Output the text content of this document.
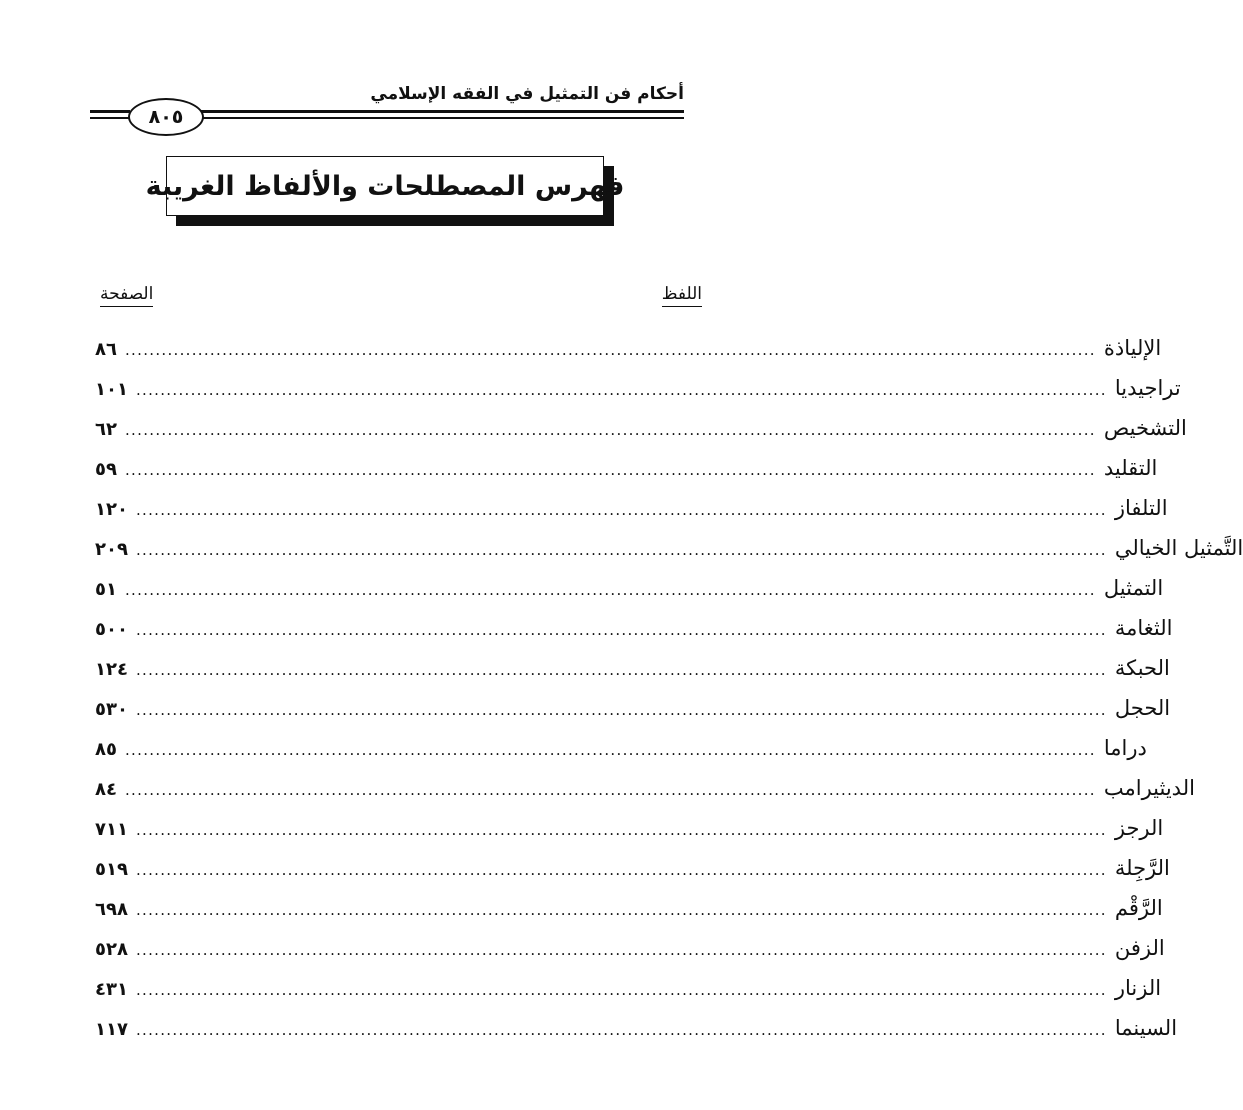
أحكام فن التمثيل في الفقه الإسلامي
٨٠٥
فهرس المصطلحات والألفاظ الغريبة
اللفظ
الصفحة
الإلياذة
................................................................................................................................................................
٨٦
تراجيديا
................................................................................................................................................................
١٠١
التشخيص
................................................................................................................................................................
٦٢
التقليد
................................................................................................................................................................
٥٩
التلفاز
................................................................................................................................................................
١٢٠
التَّمثيل الخيالي
................................................................................................................................................................
٢٠٩
التمثيل
................................................................................................................................................................
٥١
الثغامة
................................................................................................................................................................
٥٠٠
الحبكة
................................................................................................................................................................
١٢٤
الحجل
................................................................................................................................................................
٥٣٠
دراما
................................................................................................................................................................
٨٥
الديثيرامب
................................................................................................................................................................
٨٤
الرجز
................................................................................................................................................................
٧١١
الرَّجِلة
................................................................................................................................................................
٥١٩
الرَّقْم
................................................................................................................................................................
٦٩٨
الزفن
................................................................................................................................................................
٥٢٨
الزنار
................................................................................................................................................................
٤٣١
السينما
................................................................................................................................................................
١١٧
